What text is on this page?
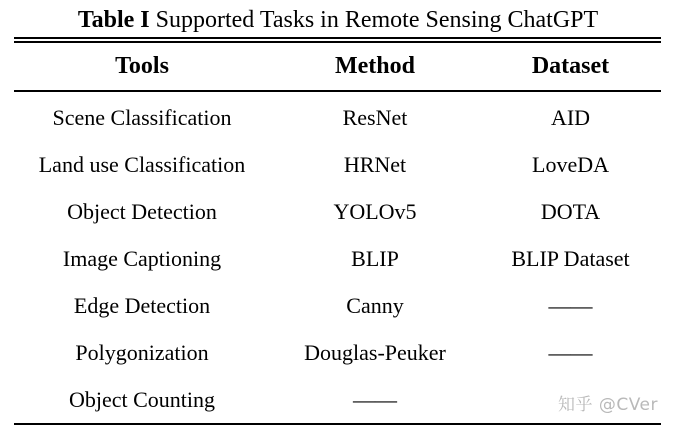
Table I Supported Tasks in Remote Sensing ChatGPT
Tools	Method	Dataset
Scene Classification	ResNet	AID
Land use Classification	HRNet	LoveDA
Object Detection	YOLOv5	DOTA
Image Captioning	BLIP	BLIP Dataset
Edge Detection	Canny	——
Polygonization	Douglas-Peuker	——
Object Counting	——		知乎 @CVer
